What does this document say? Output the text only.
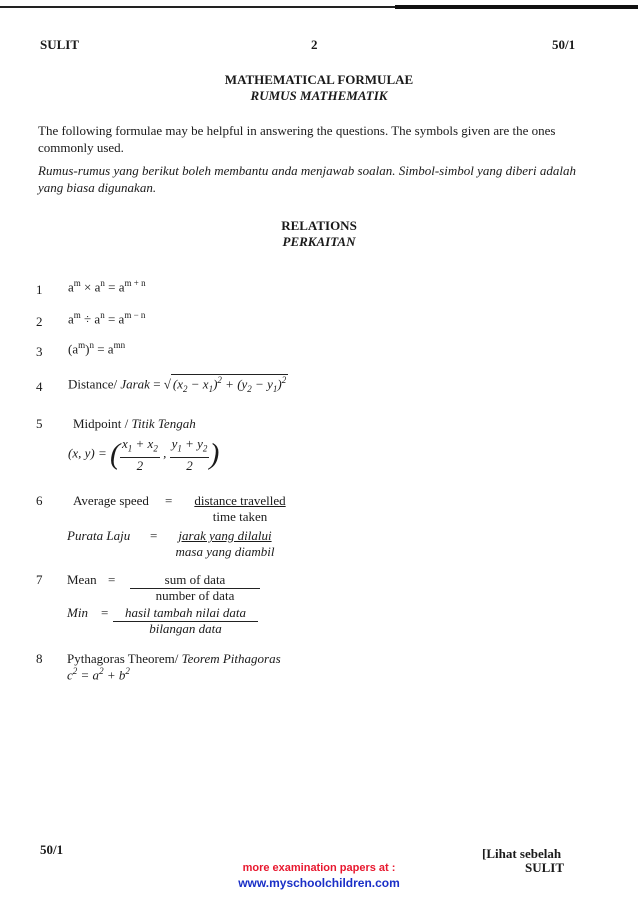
SULIT	2	50/1
MATHEMATICAL FORMULAE
RUMUS MATHEMATIK
The following formulae may be helpful in answering the questions. The symbols given are the ones commonly used.
Rumus-rumus yang berikut boleh membantu anda menjawab soalan. Simbol-simbol yang diberi adalah yang biasa digunakan.
RELATIONS
PERKAITAN
1 $a^m \times a^n = a^{m + n}$
2 $a^m \div a^n = a^{m - n}$
3 $(a^m)^n = a^{mn}$
4 Distance/ Jarak = √ $(x_2 - x_1)^2 + (y_2 - y_1)^2$
5 Midpoint / Titik Tengah
(x, y) = ( $\frac{x_1 + x_2}{2}$ , $\frac{y_1 + y_2}{2}$ )
6 Average speed =	distance travelled
time taken
Purata Laju =	jarak yang dilalui
masa yang diambil
7 Mean =	sum of data
number of data
Min =	hasil tambah nilai data
bilangan data
8 Pythagoras Theorem/ Teorem Pithagoras
$c^2 = a^2 + b^2$
50/1	[Lihat sebelah
SULIT
more examination papers at :
www.myschoolchildren.com
